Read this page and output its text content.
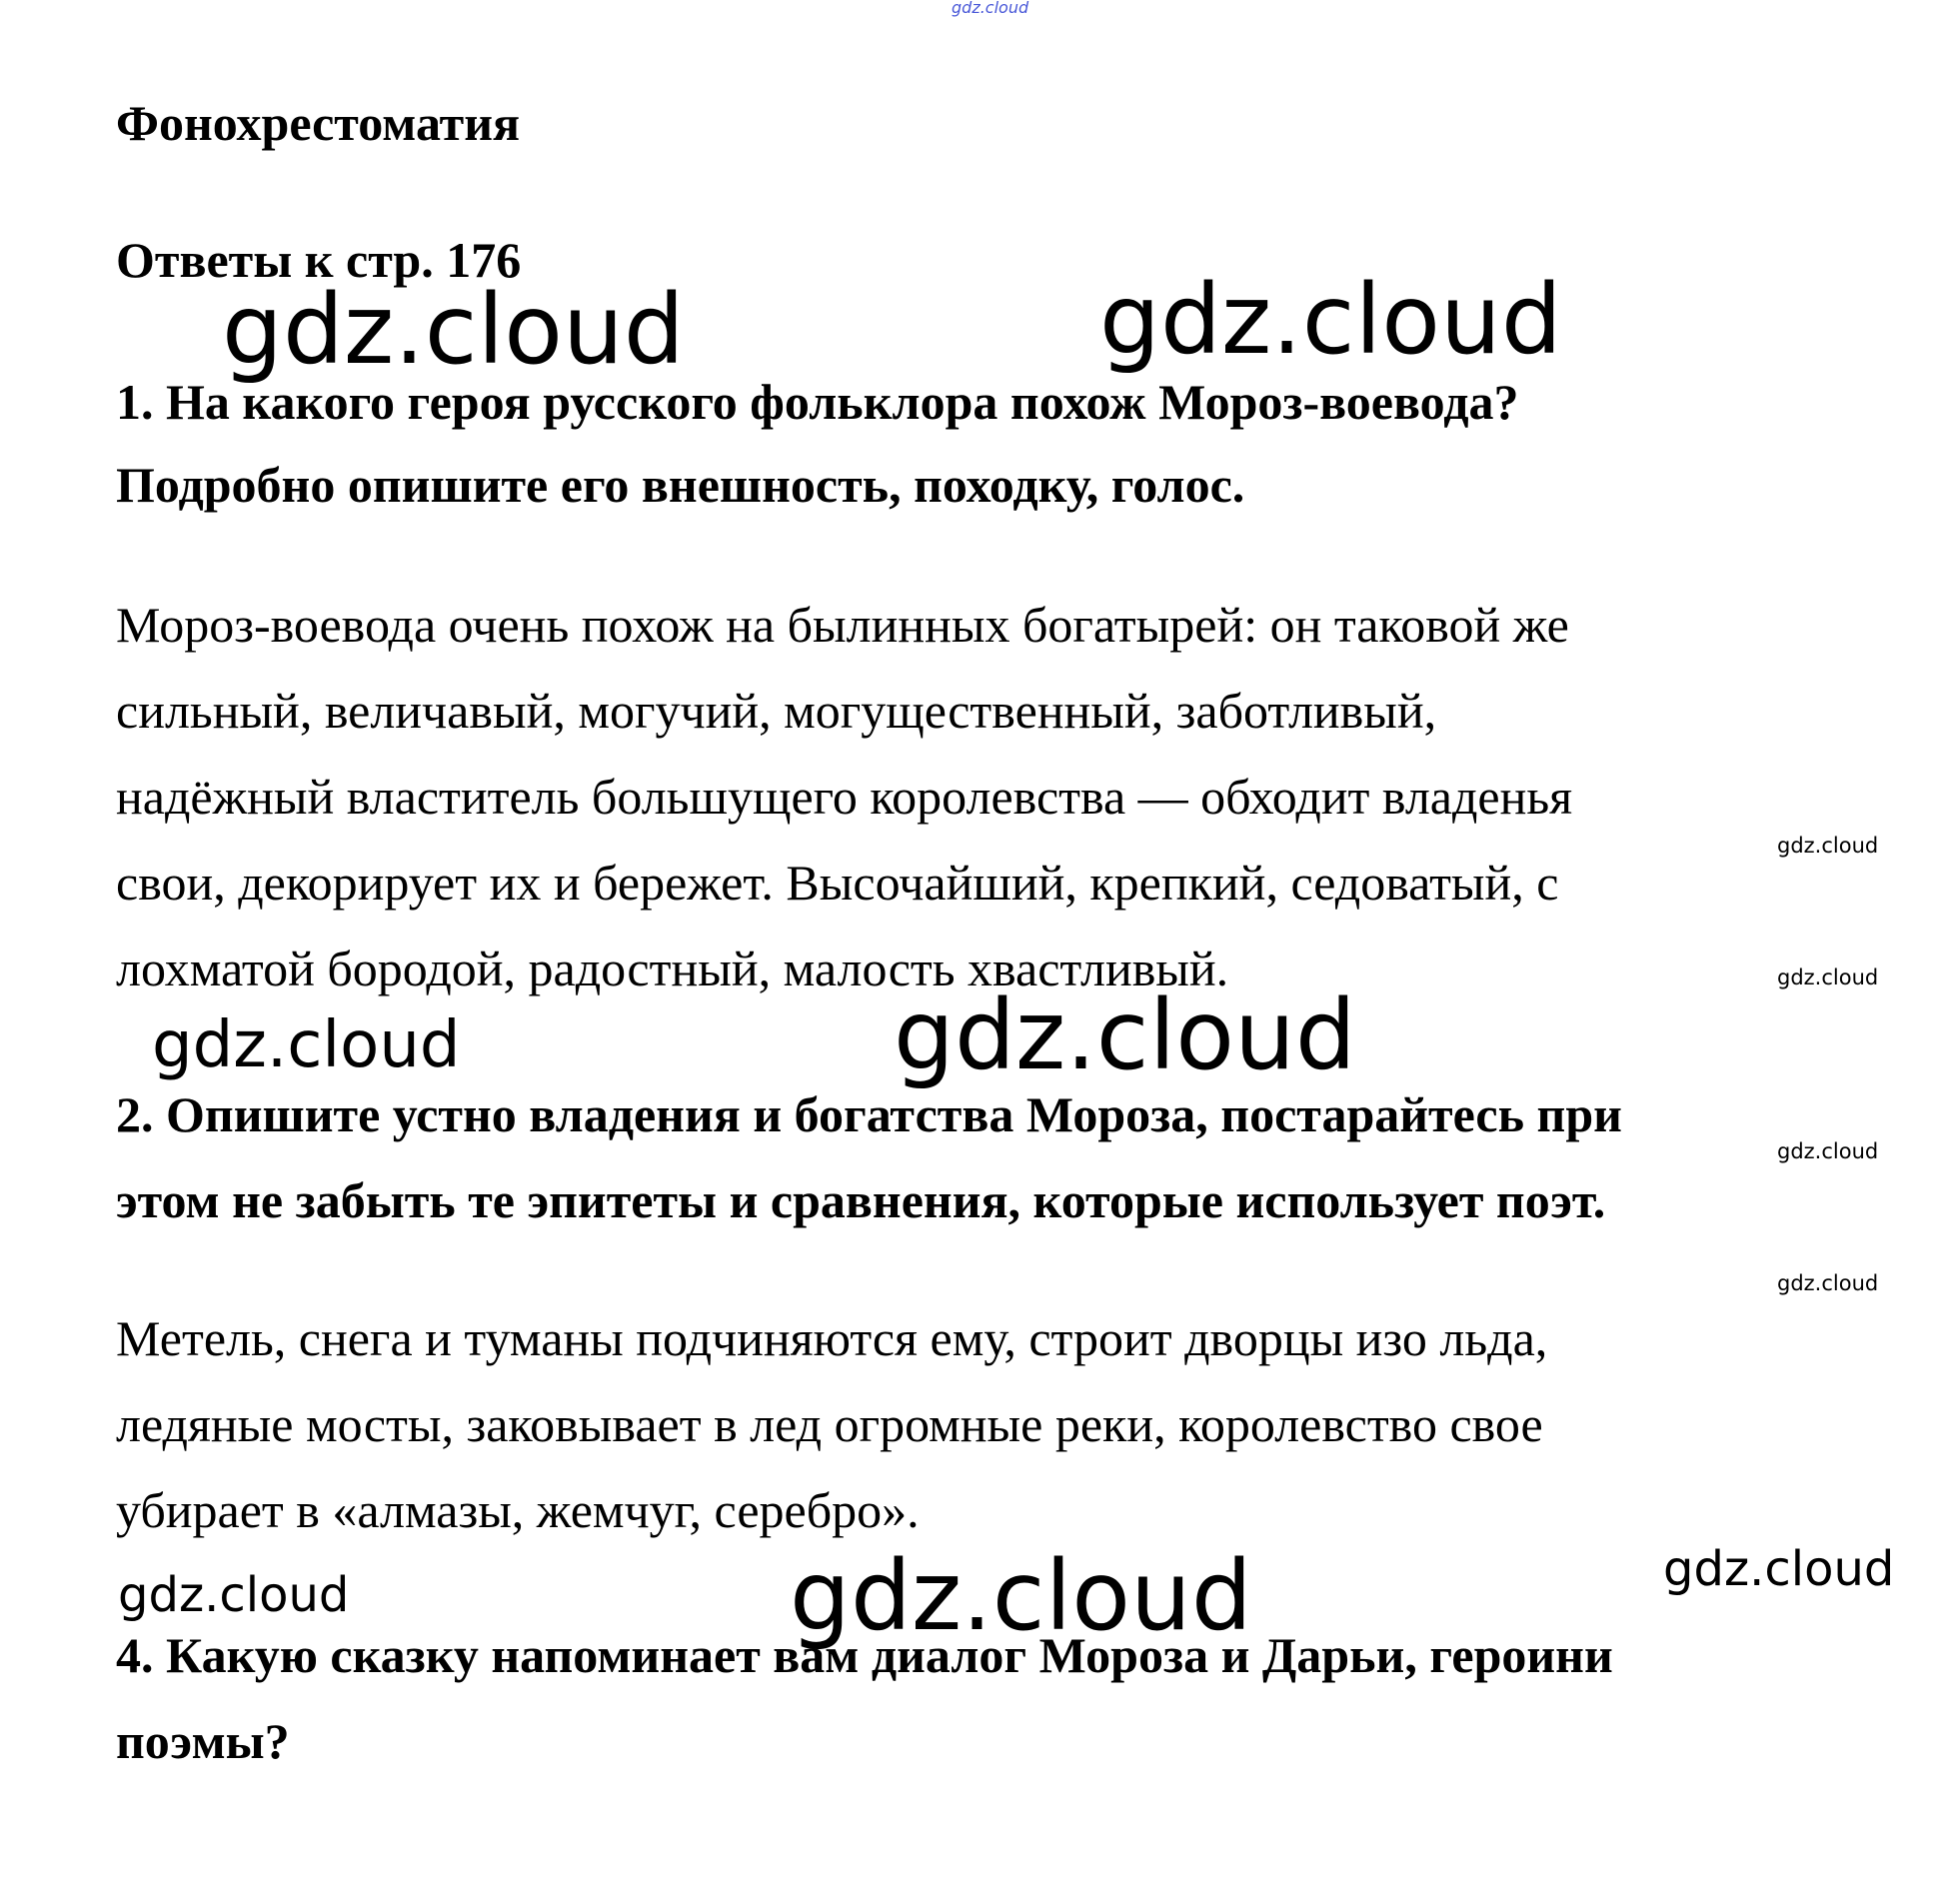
gdz.cloud

Фонохрестоматия

Ответы к стр. 176

gdz.cloud	gdz.cloud

1. На какого героя русского фольклора похож Мороз-воевода?

Подробно опишите его внешность, походку, голос.

Мороз-воевода очень похож на былинных богатырей: он таковой же

сильный, величавый, могучий, могущественный, заботливый,

надёжный властитель большущего королевства — обходит владенья

свои, декорирует их и бережет. Высочайший, крепкий, седоватый, с

лохматой бородой, радостный, малость хвастливый.

gdz.cloud
gdz.cloud
gdz.cloud	gdz.cloud

2. Опишите устно владения и богатства Мороза, постарайтесь при

gdz.cloud

этом не забыть те эпитеты и сравнения, которые использует поэт.

gdz.cloud

Метель, снега и туманы подчиняются ему, строит дворцы изо льда,

ледяные мосты, заковывает в лед огромные реки, королевство свое

убирает в «алмазы, жемчуг, серебро».

gdz.cloud	gdz.cloud	gdz.cloud

4. Какую сказку напоминает вам диалог Мороза и Дарьи, героини

поэмы?
